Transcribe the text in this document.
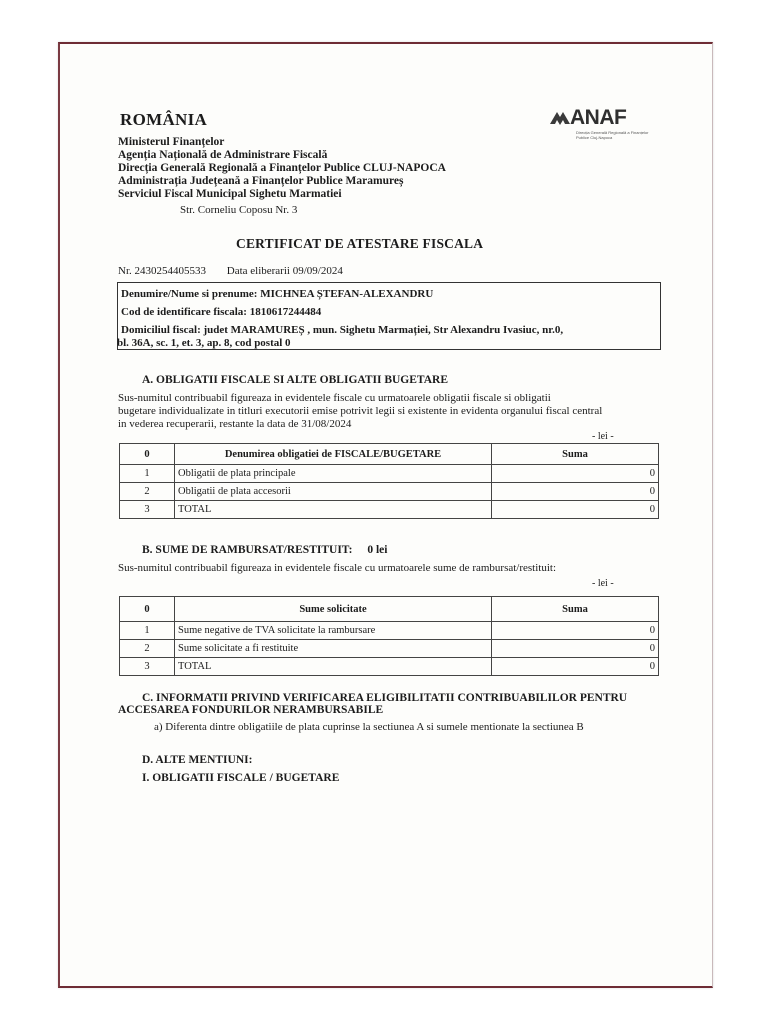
ROMÂNIA
Ministerul Finanțelor
Agenția Națională de Administrare Fiscală
Direcția Generală Regională a Finanțelor Publice CLUJ-NAPOCA
Administrația Județeană a Finanțelor Publice Maramureș
Serviciul Fiscal Municipal Sighetu Marmatiei
Str. Corneliu Coposu Nr. 3
ANAF
Direcția Generală Regională a Finanțelor Publice Cluj-Napoca
CERTIFICAT DE ATESTARE FISCALA
Nr. 2430254405533 Data eliberarii 09/09/2024
Denumire/Nume si prenume: MICHNEA ȘTEFAN-ALEXANDRU
Cod de identificare fiscala: 1810617244484
Domiciliul fiscal: judet MARAMUREȘ , mun. Sighetu Marmației, Str Alexandru Ivasiuc, nr.0,
bl. 36A, sc. 1, et. 3, ap. 8, cod postal 0
A. OBLIGATII FISCALE SI ALTE OBLIGATII BUGETARE
Sus-numitul contribuabil figureaza in evidentele fiscale cu urmatoarele obligatii fiscale si obligatii
bugetare individualizate in titluri executorii emise potrivit legii si existente in evidenta organului fiscal central
in vederea recuperarii, restante la data de 31/08/2024
- lei -
0	Denumirea obligatiei de FISCALE/BUGETARE	Suma
1	Obligatii de plata principale	0
2	Obligatii de plata accesorii	0
3	TOTAL	0
B. SUME DE RAMBURSAT/RESTITUIT: 0 lei
Sus-numitul contribuabil figureaza in evidentele fiscale cu urmatoarele sume de rambursat/restituit:
- lei -
0	Sume solicitate	Suma
1	Sume negative de TVA solicitate la rambursare	0
2	Sume solicitate a fi restituite	0
3	TOTAL	0
C. INFORMATII PRIVIND VERIFICAREA ELIGIBILITATII CONTRIBUABILILOR PENTRU
ACCESAREA FONDURILOR NERAMBURSABILE
a) Diferenta dintre obligatiile de plata cuprinse la sectiunea A si sumele mentionate la sectiunea B
D. ALTE MENTIUNI:
I. OBLIGATII FISCALE / BUGETARE
